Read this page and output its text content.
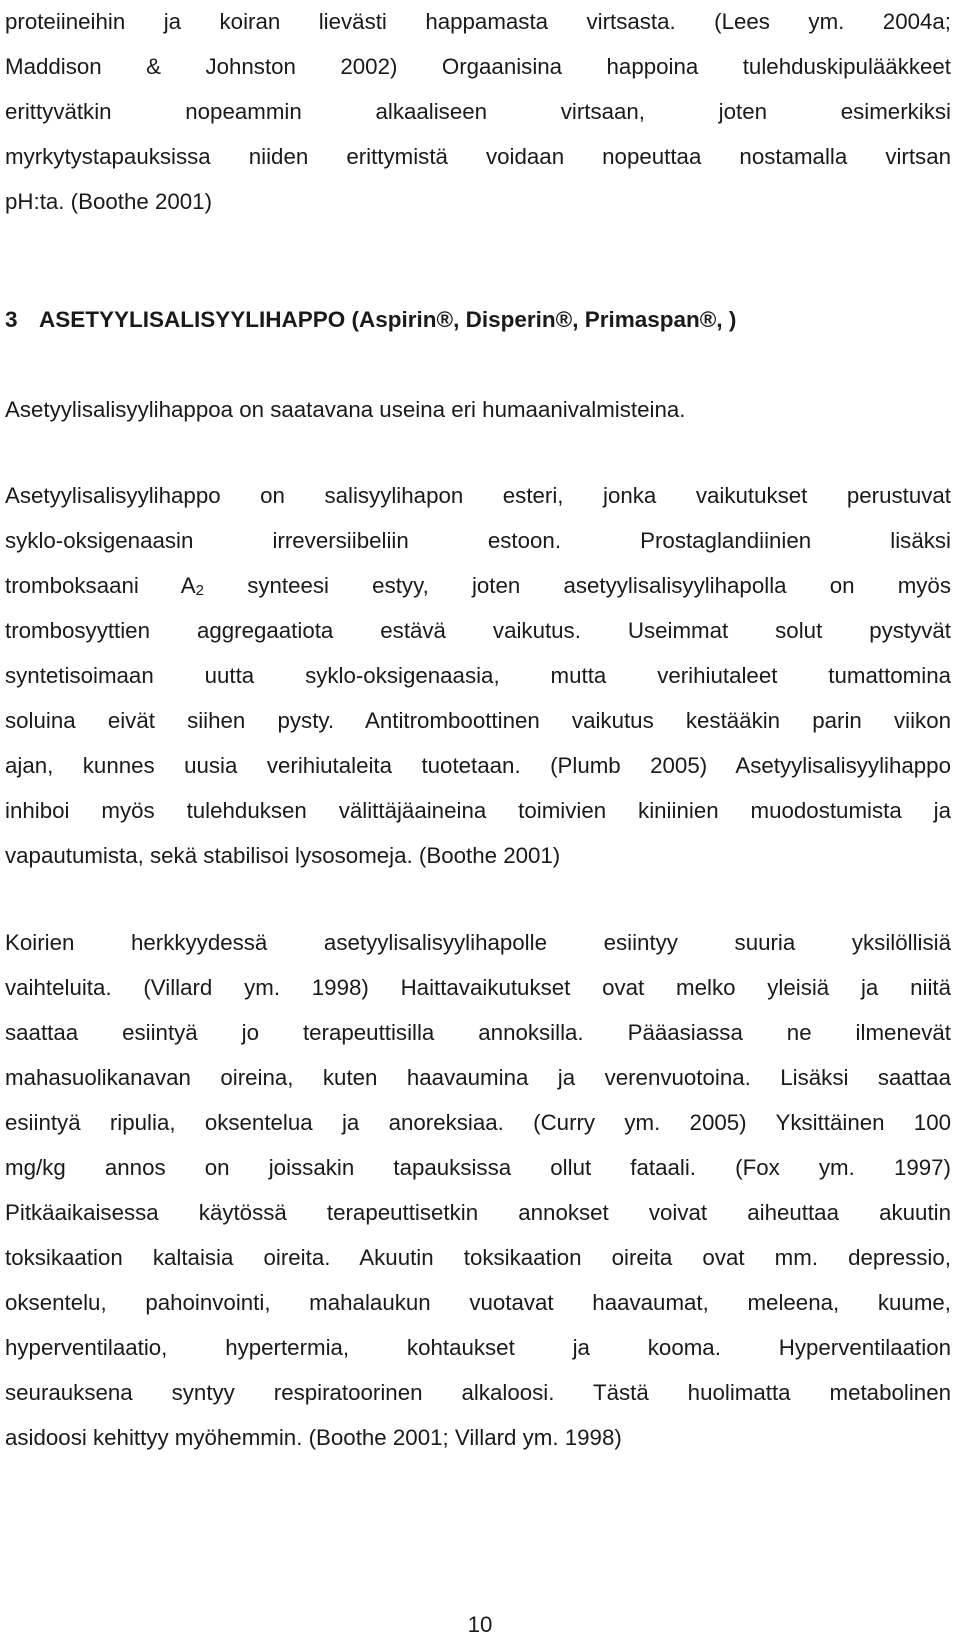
proteiineihin ja koiran lievästi happamasta virtsasta. (Lees ym. 2004a;
Maddison & Johnston 2002) Orgaanisina happoina tulehduskipulääkkeet
erittyvätkin nopeammin alkaaliseen virtsaan, joten esimerkiksi
myrkytystapauksissa niiden erittymistä voidaan nopeuttaa nostamalla virtsan
pH:ta. (Boothe 2001)
3 ASETYYLISALISYYLIHAPPO (Aspirin®, Disperin®, Primaspan®, )
Asetyylisalisyylihappoa on saatavana useina eri humaanivalmisteina.
Asetyylisalisyylihappo on salisyylihapon esteri, jonka vaikutukset perustuvat
syklo-oksigenaasin irreversiibeliin estoon. Prostaglandiinien lisäksi
tromboksaani $A_2$ synteesi estyy, joten asetyylisalisyylihapolla on myös
trombosyyttien aggregaatiota estävä vaikutus. Useimmat solut pystyvät
syntetisoimaan uutta syklo-oksigenaasia, mutta verihiutaleet tumattomina
soluina eivät siihen pysty. Antitromboottinen vaikutus kestääkin parin viikon
ajan, kunnes uusia verihiutaleita tuotetaan. (Plumb 2005) Asetyylisalisyylihappo
inhiboi myös tulehduksen välittäjäaineina toimivien kiniinien muodostumista ja
vapautumista, sekä stabilisoi lysosomeja. (Boothe 2001)
Koirien herkkyydessä asetyylisalisyylihapolle esiintyy suuria yksilöllisiä
vaihteluita. (Villard ym. 1998) Haittavaikutukset ovat melko yleisiä ja niitä
saattaa esiintyä jo terapeuttisilla annoksilla. Pääasiassa ne ilmenevät
mahasuolikanavan oireina, kuten haavaumina ja verenvuotoina. Lisäksi saattaa
esiintyä ripulia, oksentelua ja anoreksiaa. (Curry ym. 2005) Yksittäinen 100
mg/kg annos on joissakin tapauksissa ollut fataali. (Fox ym. 1997)
Pitkäaikaisessa käytössä terapeuttisetkin annokset voivat aiheuttaa akuutin
toksikaation kaltaisia oireita. Akuutin toksikaation oireita ovat mm. depressio,
oksentelu, pahoinvointi, mahalaukun vuotavat haavaumat, meleena, kuume,
hyperventilaatio, hypertermia, kohtaukset ja kooma. Hyperventilaation
seurauksena syntyy respiratoorinen alkaloosi. Tästä huolimatta metabolinen
asidoosi kehittyy myöhemmin. (Boothe 2001; Villard ym. 1998)
10
